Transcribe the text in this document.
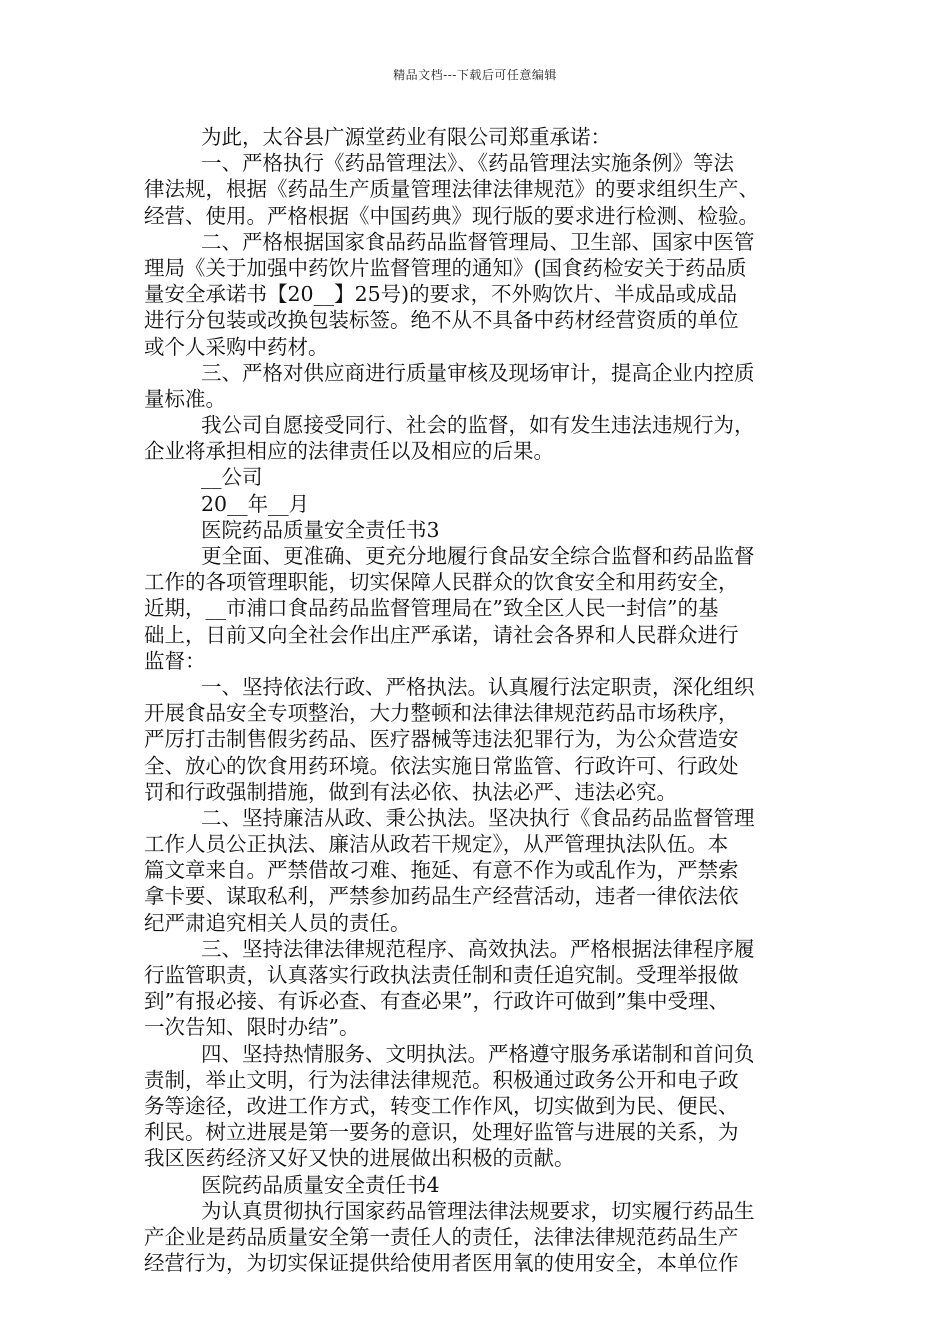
精品文档---下载后可任意编辑
为此，太谷县广源堂药业有限公司郑重承诺：
一、严格执行《药品管理法》、《药品管理法实施条例》等法
律法规，根据《药品生产质量管理法律法律规范》的要求组织生产、
经营、使用。严格根据《中国药典》现行版的要求进行检测、检验。
二、严格根据国家食品药品监督管理局、卫生部、国家中医管
理局《关于加强中药饮片监督管理的通知》(国食药检安关于药品质
量安全承诺书【20__】25号)的要求，不外购饮片、半成品或成品
进行分包装或改换包装标签。绝不从不具备中药材经营资质的单位
或个人采购中药材。
三、严格对供应商进行质量审核及现场审计，提高企业内控质
量标准。
我公司自愿接受同行、社会的监督，如有发生违法违规行为，
企业将承担相应的法律责任以及相应的后果。
__公司
20__年__月
医院药品质量安全责任书3
更全面、更准确、更充分地履行食品安全综合监督和药品监督
工作的各项管理职能，切实保障人民群众的饮食安全和用药安全，
近期，__市浦口食品药品监督管理局在”致全区人民一封信”的基
础上，日前又向全社会作出庄严承诺，请社会各界和人民群众进行
监督：
一、坚持依法行政、严格执法。认真履行法定职责，深化组织
开展食品安全专项整治，大力整顿和法律法律规范药品市场秩序，
严厉打击制售假劣药品、医疗器械等违法犯罪行为，为公众营造安
全、放心的饮食用药环境。依法实施日常监管、行政许可、行政处
罚和行政强制措施，做到有法必依、执法必严、违法必究。
二、坚持廉洁从政、秉公执法。坚决执行《食品药品监督管理
工作人员公正执法、廉洁从政若干规定》，从严管理执法队伍。本
篇文章来自。严禁借故刁难、拖延、有意不作为或乱作为，严禁索
拿卡要、谋取私利，严禁参加药品生产经营活动，违者一律依法依
纪严肃追究相关人员的责任。
三、坚持法律法律规范程序、高效执法。严格根据法律程序履
行监管职责，认真落实行政执法责任制和责任追究制。受理举报做
到”有报必接、有诉必查、有查必果”，行政许可做到”集中受理、
一次告知、限时办结”。
四、坚持热情服务、文明执法。严格遵守服务承诺制和首问负
责制，举止文明，行为法律法律规范。积极通过政务公开和电子政
务等途径，改进工作方式，转变工作作风，切实做到为民、便民、
利民。树立进展是第一要务的意识，处理好监管与进展的关系，为
我区医药经济又好又快的进展做出积极的贡献。
医院药品质量安全责任书4
为认真贯彻执行国家药品管理法律法规要求，切实履行药品生
产企业是药品质量安全第一责任人的责任，法律法律规范药品生产
经营行为，为切实保证提供给使用者医用氧的使用安全，本单位作
